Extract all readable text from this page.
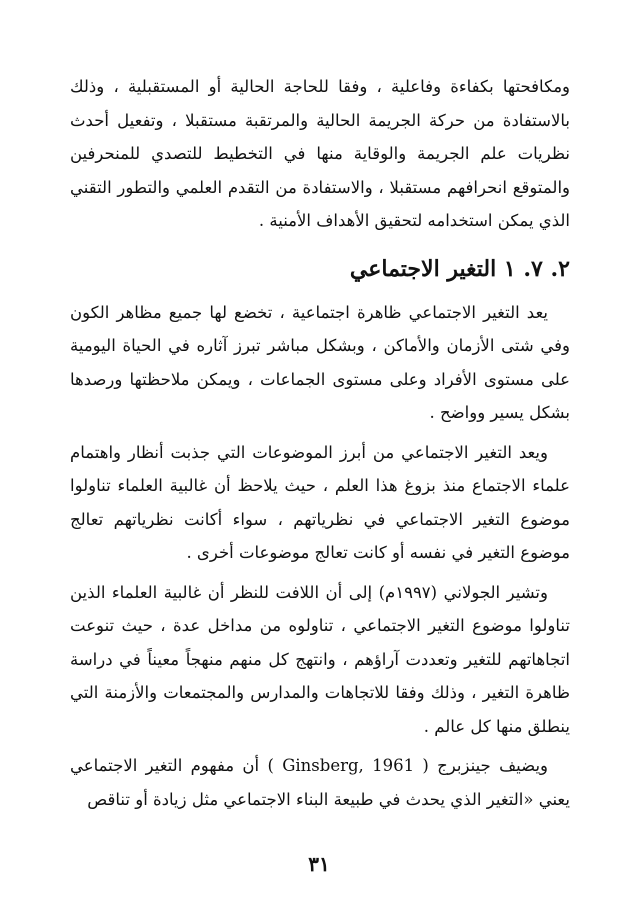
ومكافحتها بكفاءة وفاعلية ، وفقا للحاجة الحالية أو المستقبلية ، وذلك بالاستفادة من حركة الجريمة الحالية والمرتقبة مستقبلا ، وتفعيل أحدث نظريات علم الجريمة والوقاية منها في التخطيط للتصدي للمنحرفين والمتوقع انحرافهم مستقبلا ، والاستفادة من التقدم العلمي والتطور التقني الذي يمكن استخدامه لتحقيق الأهداف الأمنية .

٢. ٧. ١ التغير الاجتماعي

يعد التغير الاجتماعي ظاهرة اجتماعية ، تخضع لها جميع مظاهر الكون وفي شتى الأزمان والأماكن ، وبشكل مباشر تبرز آثاره في الحياة اليومية على مستوى الأفراد وعلى مستوى الجماعات ، ويمكن ملاحظتها ورصدها بشكل يسير وواضح .

ويعد التغير الاجتماعي من أبرز الموضوعات التي جذبت أنظار واهتمام علماء الاجتماع منذ بزوغ هذا العلم ، حيث يلاحظ أن غالبية العلماء تناولوا موضوع التغير الاجتماعي في نظرياتهم ، سواء أكانت نظرياتهم تعالج موضوع التغير في نفسه أو كانت تعالج موضوعات أخرى .

وتشير الجولاني (١٩٩٧م) إلى أن اللافت للنظر أن غالبية العلماء الذين تناولوا موضوع التغير الاجتماعي ، تناولوه من مداخل عدة ، حيث تنوعت اتجاهاتهم للتغير وتعددت آراؤهم ، وانتهج كل منهم منهجاً معيناً في دراسة ظاهرة التغير ، وذلك وفقا للاتجاهات والمدارس والمجتمعات والأزمنة التي ينطلق منها كل عالم .

ويضيف جينزبرج ( Ginsberg, 1961 ) أن مفهوم التغير الاجتماعي يعني «التغير الذي يحدث في طبيعة البناء الاجتماعي مثل زيادة أو تناقص

٣١
